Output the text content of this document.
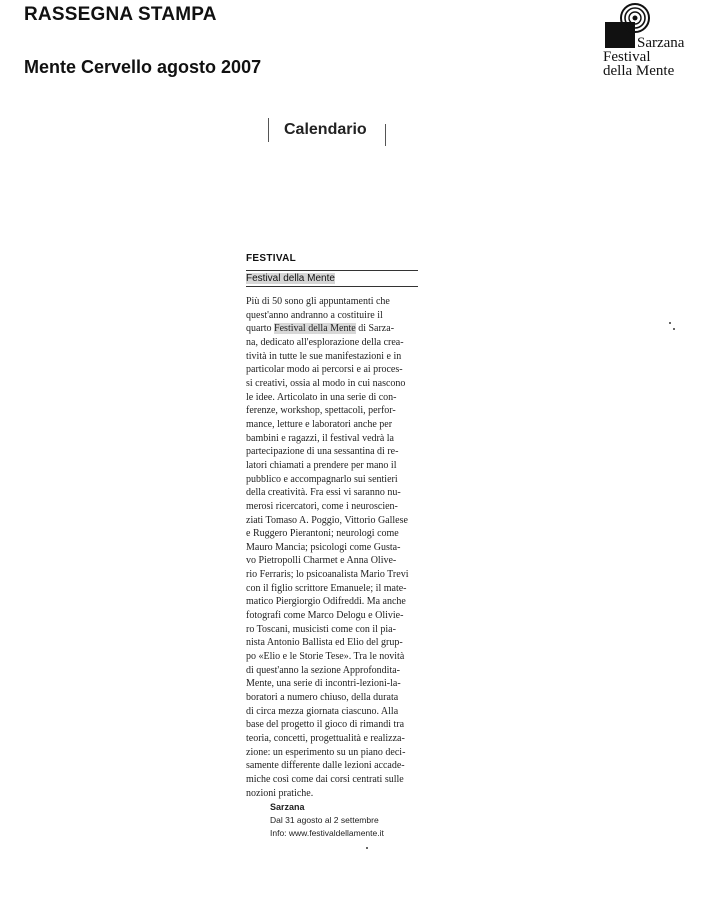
RASSEGNA STAMPA
Mente Cervello agosto 2007
Sarzana
Festival
della Mente
Calendario
FESTIVAL
Festival della Mente
Più di 50 sono gli appuntamenti che
quest'anno andranno a costituire il
quarto Festival della Mente di Sarza-
na, dedicato all'esplorazione della crea-
tività in tutte le sue manifestazioni e in
particolar modo ai percorsi e ai proces-
si creativi, ossia al modo in cui nascono
le idee. Articolato in una serie di con-
ferenze, workshop, spettacoli, perfor-
mance, letture e laboratori anche per
bambini e ragazzi, il festival vedrà la
partecipazione di una sessantina di re-
latori chiamati a prendere per mano il
pubblico e accompagnarlo sui sentieri
della creatività. Fra essi vi saranno nu-
merosi ricercatori, come i neuroscien-
ziati Tomaso A. Poggio, Vittorio Gallese
e Ruggero Pierantoni; neurologi come
Mauro Mancia; psicologi come Gusta-
vo Pietropolli Charmet e Anna Olive-
rio Ferraris; lo psicoanalista Mario Trevi
con il figlio scrittore Emanuele; il mate-
matico Piergiorgio Odifreddi. Ma anche
fotografi come Marco Delogu e Olivie-
ro Toscani, musicisti come con il pia-
nista Antonio Ballista ed Elio del grup-
po «Elio e le Storie Tese». Tra le novità
di quest'anno la sezione Approfondita-
Mente, una serie di incontri-lezioni-la-
boratori a numero chiuso, della durata
di circa mezza giornata ciascuno. Alla
base del progetto il gioco di rimandi tra
teoria, concetti, progettualità e realizza-
zione: un esperimento su un piano deci-
samente differente dalle lezioni accade-
miche così come dai corsi centrati sulle
nozioni pratiche.
Sarzana
Dal 31 agosto al 2 settembre
Info: www.festivaldellamente.it
